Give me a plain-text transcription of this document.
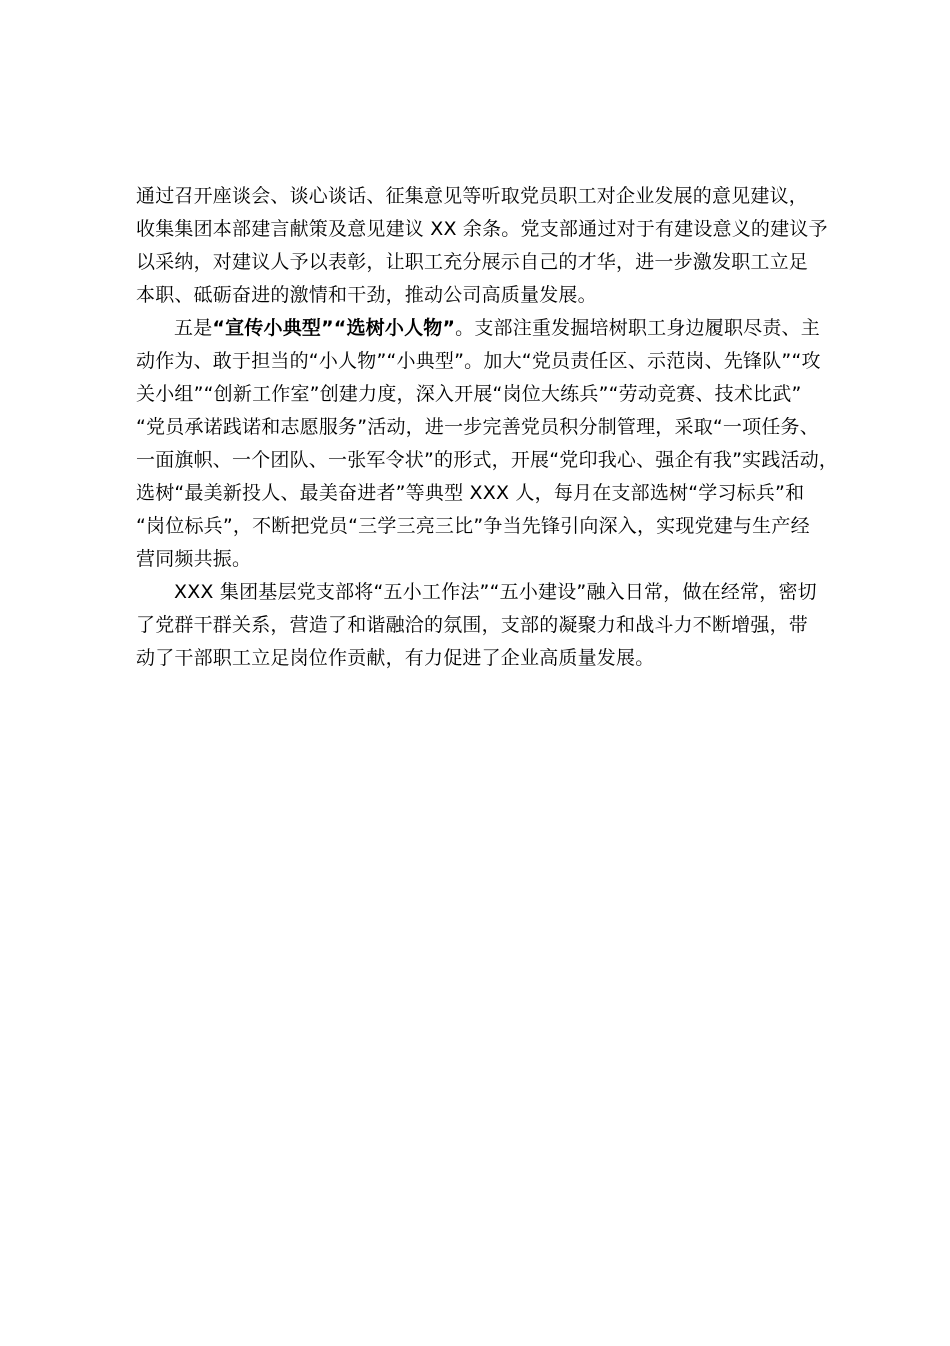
通过召开座谈会、谈心谈话、征集意见等听取党员职工对企业发展的意见建议，
收集集团本部建言献策及意见建议 XX 余条。党支部通过对于有建设意义的建议予
以采纳，对建议人予以表彰，让职工充分展示自己的才华，进一步激发职工立足
本职、砥砺奋进的激情和干劲，推动公司高质量发展。
五是“宣传小典型”“选树小人物”。支部注重发掘培树职工身边履职尽责、主
动作为、敢于担当的“小人物”“小典型”。加大“党员责任区、示范岗、先锋队”“攻
关小组”“创新工作室”创建力度，深入开展“岗位大练兵”“劳动竞赛、技术比武”
“党员承诺践诺和志愿服务”活动，进一步完善党员积分制管理，采取“一项任务、
一面旗帜、一个团队、一张军令状”的形式，开展“党印我心、强企有我”实践活动，
选树“最美新投人、最美奋进者”等典型 XXX 人，每月在支部选树“学习标兵”和
“岗位标兵”，不断把党员“三学三亮三比”争当先锋引向深入，实现党建与生产经
营同频共振。
XXX 集团基层党支部将“五小工作法”“五小建设”融入日常，做在经常，密切
了党群干群关系，营造了和谐融洽的氛围，支部的凝聚力和战斗力不断增强，带
动了干部职工立足岗位作贡献，有力促进了企业高质量发展。
